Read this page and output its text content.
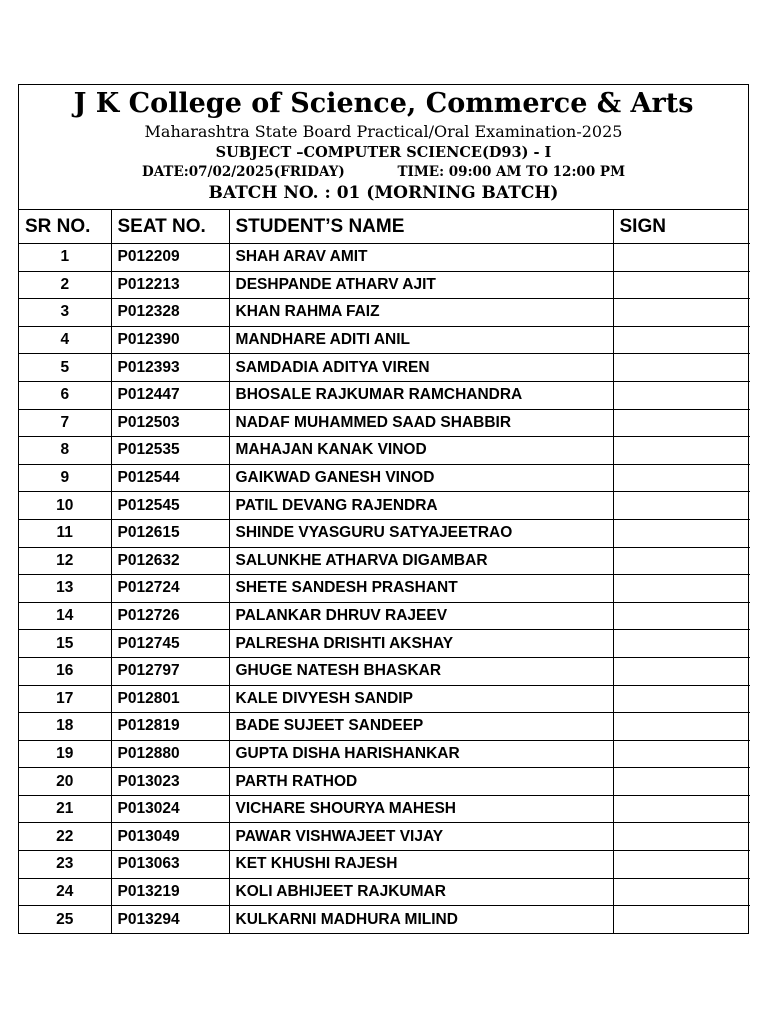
J K College of Science, Commerce & Arts
Maharashtra State Board Practical/Oral Examination-2025
SUBJECT –COMPUTER SCIENCE(D93) - I
DATE:07/02/2025(FRIDAY)	TIME: 09:00 AM TO 12:00 PM
BATCH NO. : 01 (MORNING BATCH)
SR NO.	SEAT NO.	STUDENT’S NAME	SIGN
1	P012209	SHAH ARAV AMIT	
2	P012213	DESHPANDE ATHARV AJIT	
3	P012328	KHAN RAHMA FAIZ	
4	P012390	MANDHARE ADITI ANIL	
5	P012393	SAMDADIA ADITYA VIREN	
6	P012447	BHOSALE RAJKUMAR RAMCHANDRA	
7	P012503	NADAF MUHAMMED SAAD SHABBIR	
8	P012535	MAHAJAN KANAK VINOD	
9	P012544	GAIKWAD GANESH VINOD	
10	P012545	PATIL DEVANG RAJENDRA	
11	P012615	SHINDE VYASGURU SATYAJEETRAO	
12	P012632	SALUNKHE ATHARVA DIGAMBAR	
13	P012724	SHETE SANDESH PRASHANT	
14	P012726	PALANKAR DHRUV RAJEEV	
15	P012745	PALRESHA DRISHTI AKSHAY	
16	P012797	GHUGE NATESH BHASKAR	
17	P012801	KALE DIVYESH SANDIP	
18	P012819	BADE SUJEET SANDEEP	
19	P012880	GUPTA DISHA HARISHANKAR	
20	P013023	PARTH RATHOD	
21	P013024	VICHARE SHOURYA MAHESH	
22	P013049	PAWAR VISHWAJEET VIJAY	
23	P013063	KET KHUSHI RAJESH	
24	P013219	KOLI ABHIJEET RAJKUMAR	
25	P013294	KULKARNI MADHURA MILIND	
